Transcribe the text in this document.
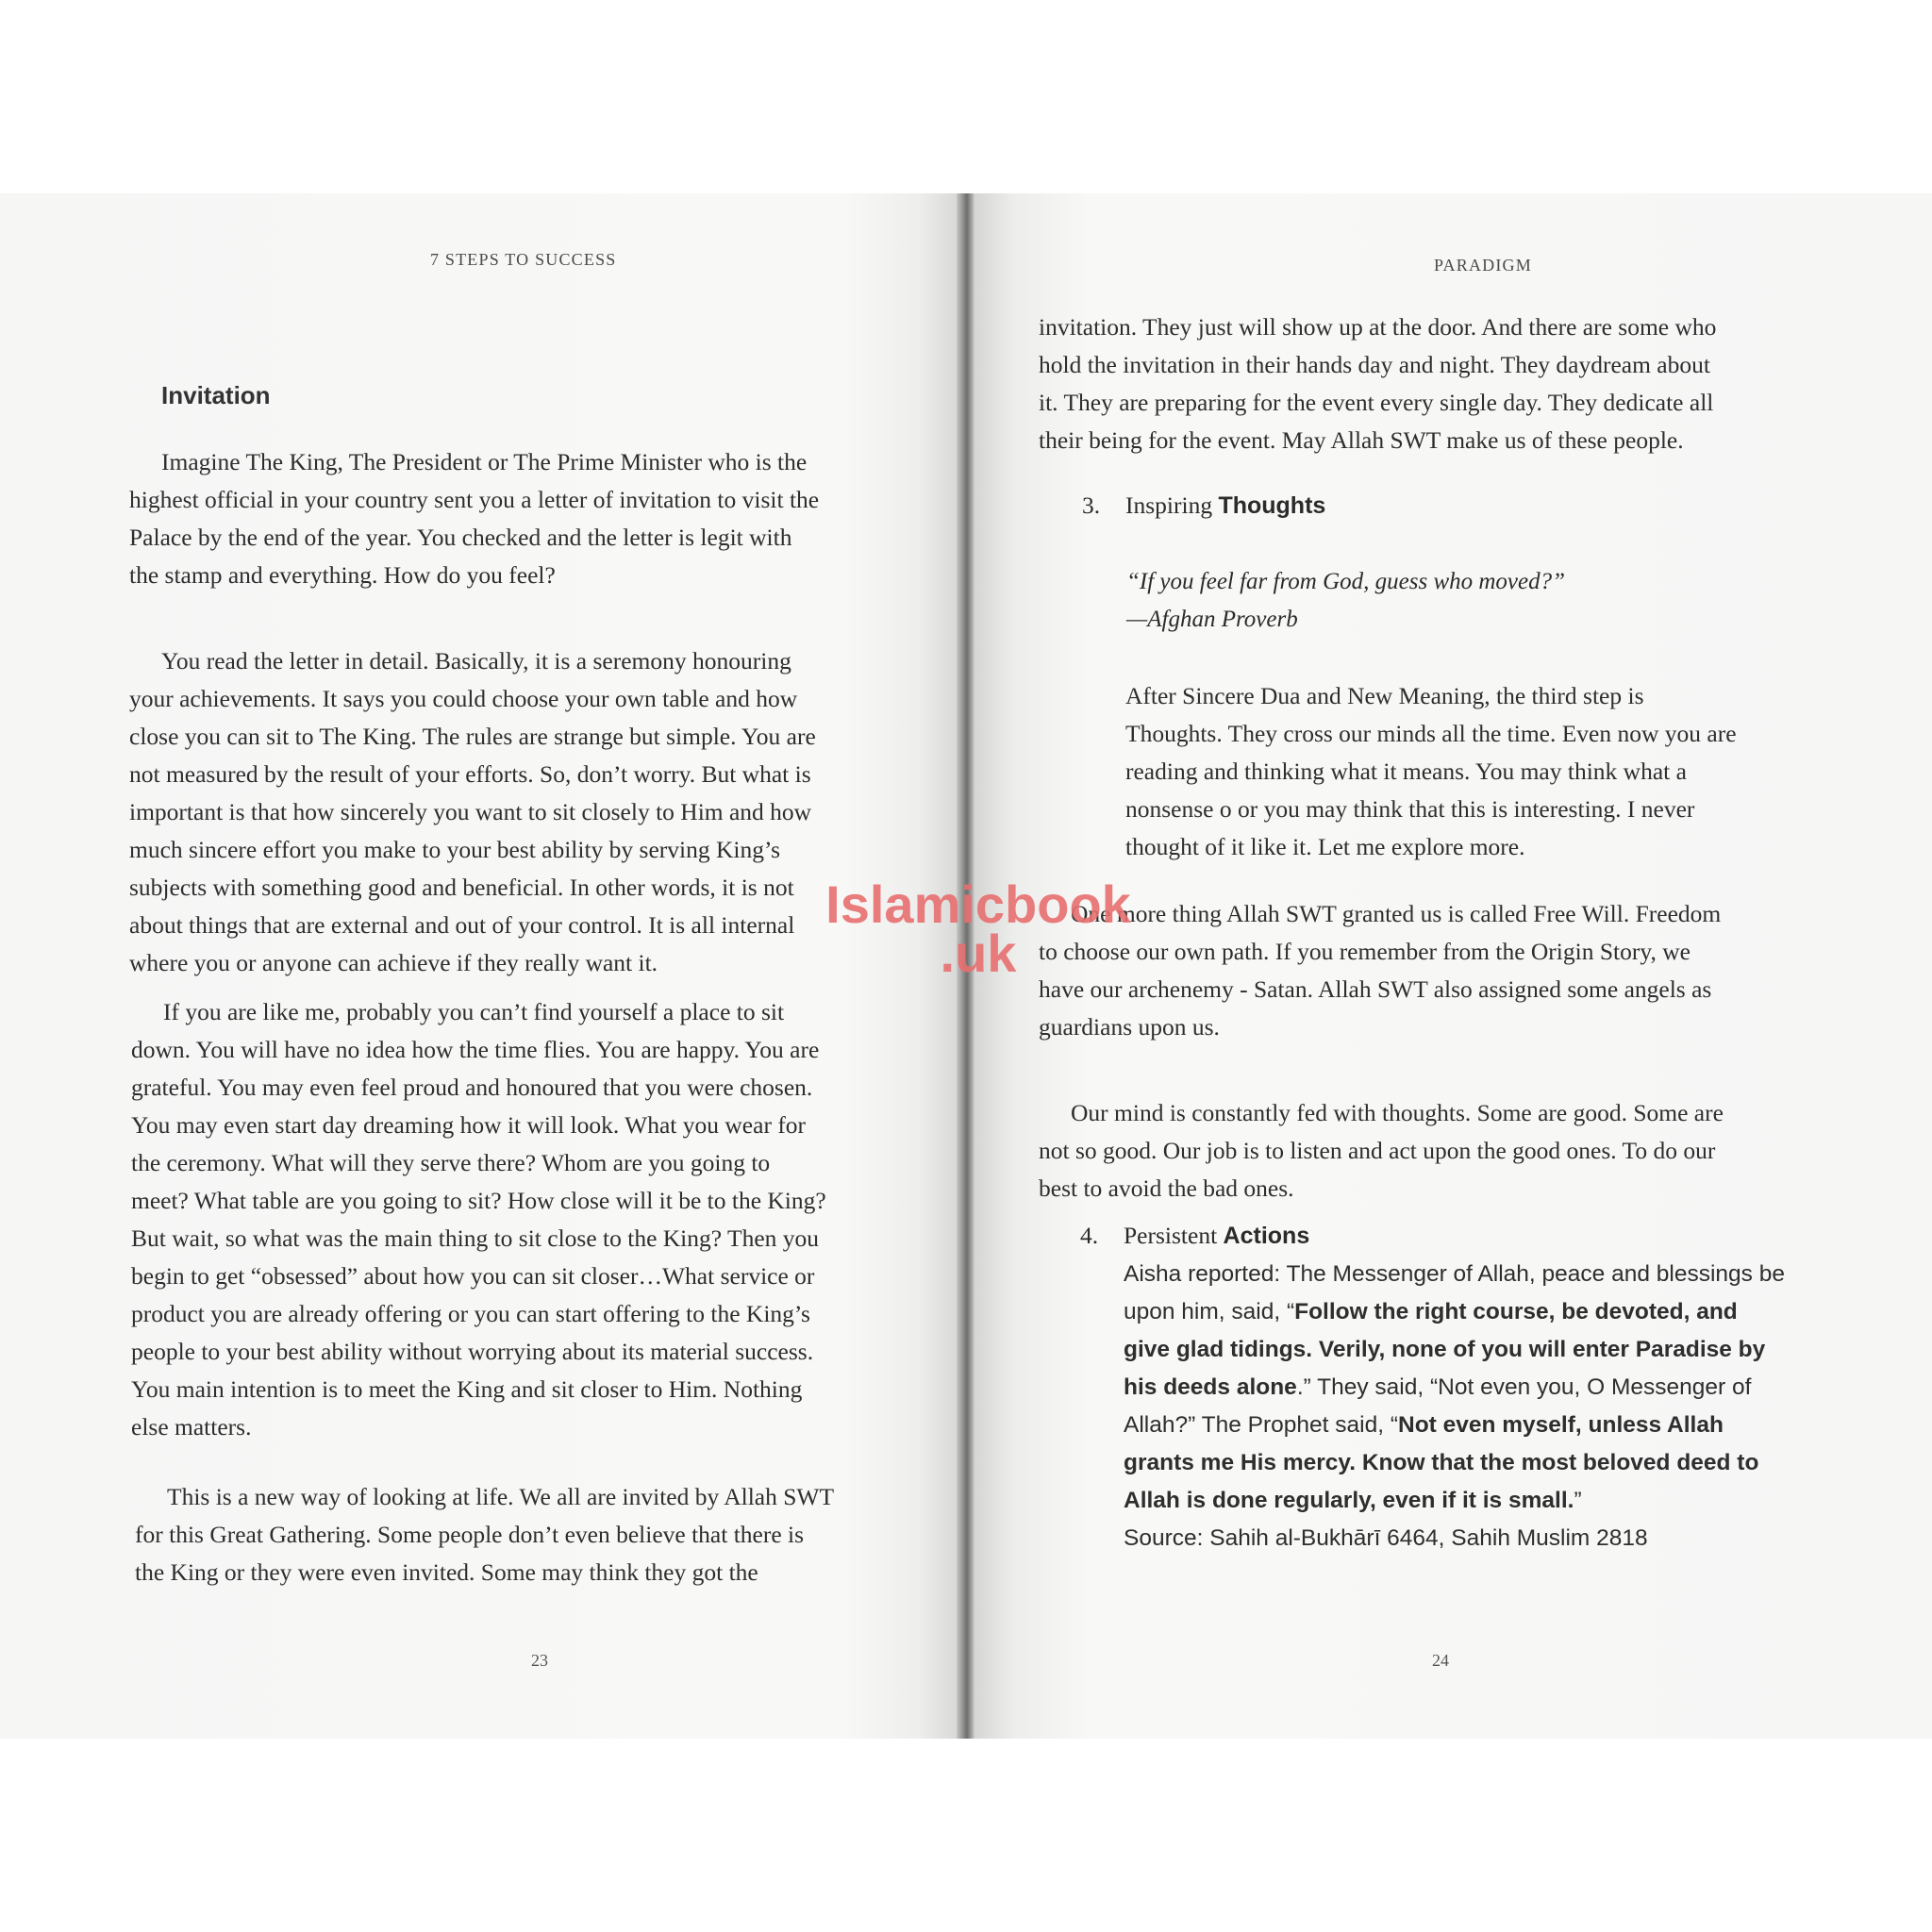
7 STEPS TO SUCCESS
Invitation
Imagine The King, The President or The Prime Minister who is the
highest official in your country sent you a letter of invitation to visit the
Palace by the end of the year. You checked and the letter is legit with
the stamp and everything. How do you feel?
You read the letter in detail. Basically, it is a seremony honouring
your achievements. It says you could choose your own table and how
close you can sit to The King. The rules are strange but simple. You are
not measured by the result of your efforts. So, don’t worry. But what is
important is that how sincerely you want to sit closely to Him and how
much sincere effort you make to your best ability by serving King’s
subjects with something good and beneficial. In other words, it is not
about things that are external and out of your control. It is all internal
where you or anyone can achieve if they really want it.
If you are like me, probably you can’t find yourself a place to sit
down. You will have no idea how the time flies. You are happy. You are
grateful. You may even feel proud and honoured that you were chosen.
You may even start day dreaming how it will look. What you wear for
the ceremony. What will they serve there? Whom are you going to
meet? What table are you going to sit? How close will it be to the King?
But wait, so what was the main thing to sit close to the King? Then you
begin to get “obsessed” about how you can sit closer…What service or
product you are already offering or you can start offering to the King’s
people to your best ability without worrying about its material success.
You main intention is to meet the King and sit closer to Him. Nothing
else matters.
This is a new way of looking at life. We all are invited by Allah SWT
for this Great Gathering. Some people don’t even believe that there is
the King or they were even invited. Some may think they got the
23
PARADIGM
invitation. They just will show up at the door. And there are some who
hold the invitation in their hands day and night. They daydream about
it. They are preparing for the event every single day. They dedicate all
their being for the event. May Allah SWT make us of these people.
3. Inspiring Thoughts
“If you feel far from God, guess who moved?”
—Afghan Proverb
After Sincere Dua and New Meaning, the third step is
Thoughts. They cross our minds all the time. Even now you are
reading and thinking what it means. You may think what a
nonsense o or you may think that this is interesting. I never
thought of it like it. Let me explore more.
One more thing Allah SWT granted us is called Free Will. Freedom
to choose our own path. If you remember from the Origin Story, we
have our archenemy - Satan. Allah SWT also assigned some angels as
guardians upon us.
Our mind is constantly fed with thoughts. Some are good. Some are
not so good. Our job is to listen and act upon the good ones. To do our
best to avoid the bad ones.
4. Persistent Actions
Aisha reported: The Messenger of Allah, peace and blessings be
upon him, said, “Follow the right course, be devoted, and
give glad tidings. Verily, none of you will enter Paradise by
his deeds alone.” They said, “Not even you, O Messenger of
Allah?” The Prophet said, “Not even myself, unless Allah
grants me His mercy. Know that the most beloved deed to
Allah is done regularly, even if it is small.”
Source: Sahih al-Bukhārī 6464, Sahih Muslim 2818
24
Islamicbook
.uk
